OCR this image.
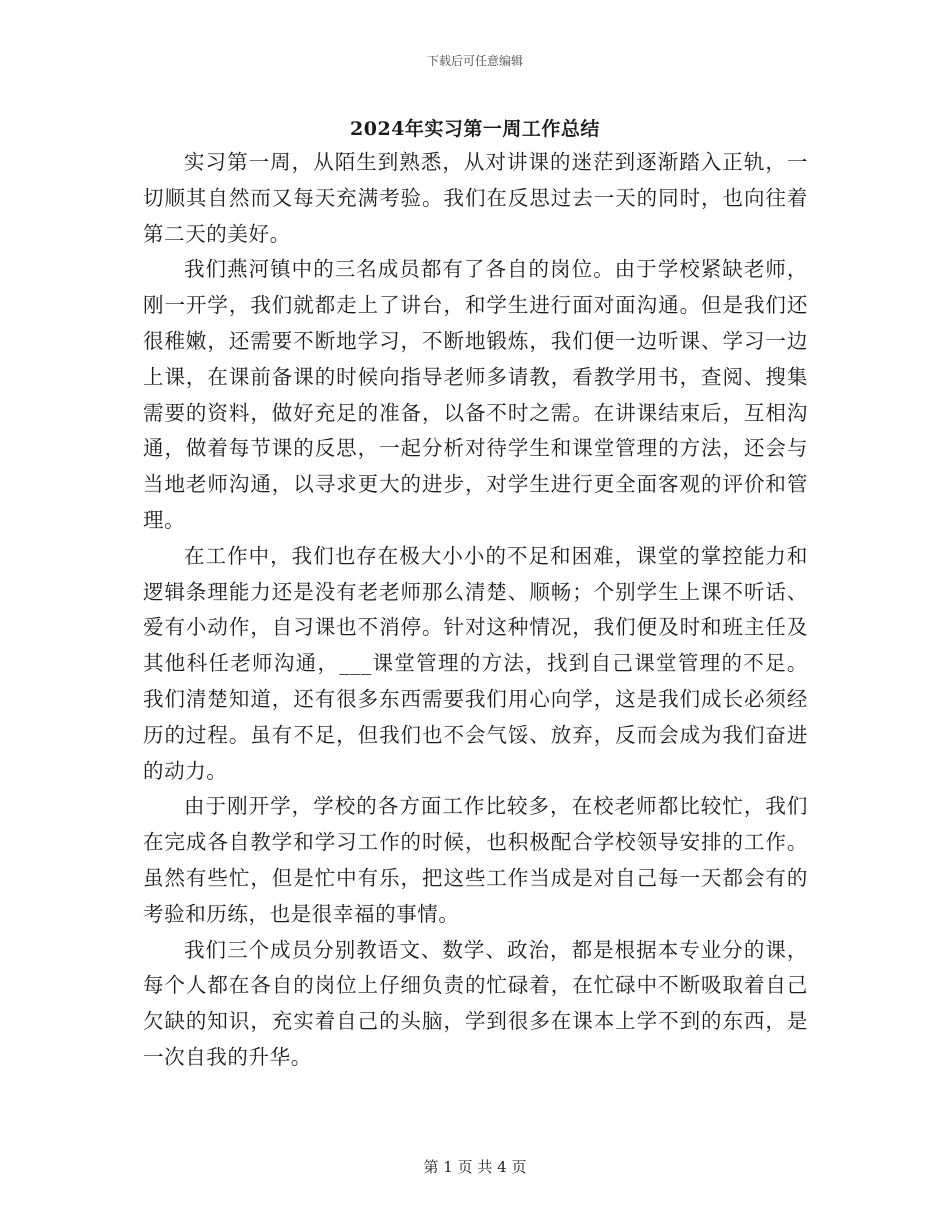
下载后可任意编辑
2024年实习第一周工作总结

实习第一周，从陌生到熟悉，从对讲课的迷茫到逐渐踏入正轨，一切顺其自然而又每天充满考验。我们在反思过去一天的同时，也向往着第二天的美好。

我们燕河镇中的三名成员都有了各自的岗位。由于学校紧缺老师，刚一开学，我们就都走上了讲台，和学生进行面对面沟通。但是我们还很稚嫩，还需要不断地学习，不断地锻炼，我们便一边听课、学习一边上课，在课前备课的时候向指导老师多请教，看教学用书，查阅、搜集需要的资料，做好充足的准备，以备不时之需。在讲课结束后，互相沟通，做着每节课的反思，一起分析对待学生和课堂管理的方法，还会与当地老师沟通，以寻求更大的进步，对学生进行更全面客观的评价和管理。

在工作中，我们也存在极大小小的不足和困难，课堂的掌控能力和逻辑条理能力还是没有老老师那么清楚、顺畅；个别学生上课不听话、爱有小动作，自习课也不消停。针对这种情况，我们便及时和班主任及其他科任老师沟通，___课堂管理的方法，找到自己课堂管理的不足。我们清楚知道，还有很多东西需要我们用心向学，这是我们成长必须经历的过程。虽有不足，但我们也不会气馁、放弃，反而会成为我们奋进的动力。

由于刚开学，学校的各方面工作比较多，在校老师都比较忙，我们在完成各自教学和学习工作的时候，也积极配合学校领导安排的工作。虽然有些忙，但是忙中有乐，把这些工作当成是对自己每一天都会有的考验和历练，也是很幸福的事情。

我们三个成员分别教语文、数学、政治，都是根据本专业分的课，每个人都在各自的岗位上仔细负责的忙碌着，在忙碌中不断吸取着自己欠缺的知识，充实着自己的头脑，学到很多在课本上学不到的东西，是一次自我的升华。

第 1 页 共 4 页
